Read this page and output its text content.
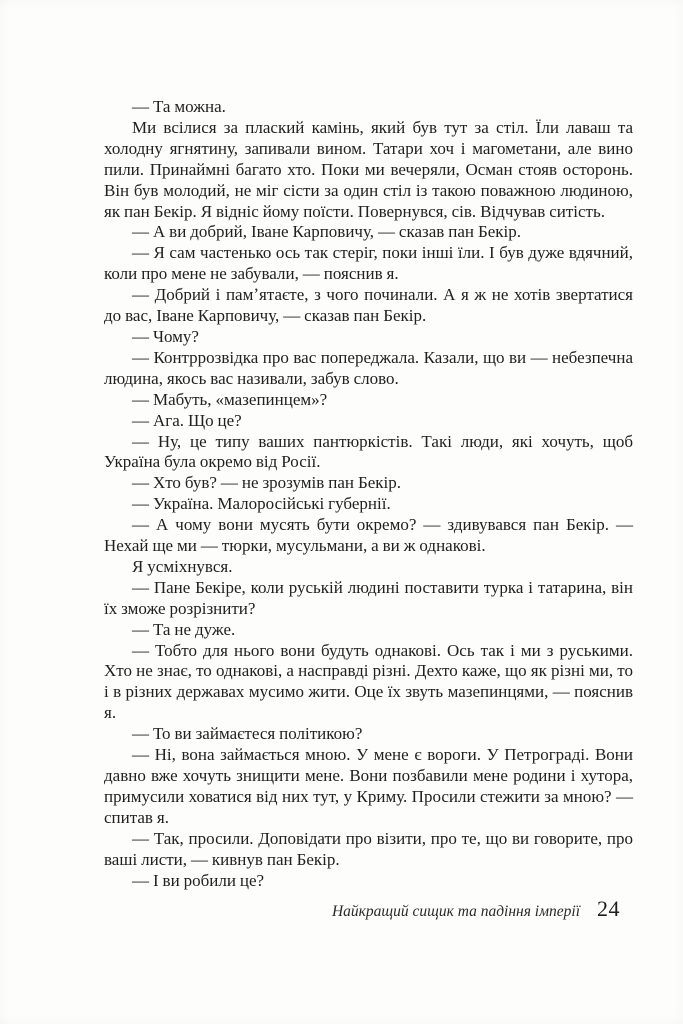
— Та можна.

Ми всілися за плаский камінь, який був тут за стіл. Їли лаваш та холодну ягнятину, запивали вином. Татари хоч і магометани, але вино пили. Принаймні багато хто. Поки ми вечеряли, Осман стояв осторонь. Він був молодий, не міг сісти за один стіл із такою поважною людиною, як пан Бекір. Я відніс йому поїсти. Повернувся, сів. Відчував ситість.

— А ви добрий, Іване Карповичу, — сказав пан Бекір.

— Я сам частенько ось так стеріг, поки інші їли. І був дуже вдячний, коли про мене не забували, — пояснив я.

— Добрий і памʼятаєте, з чого починали. А я ж не хотів звертатися до вас, Іване Карповичу, — сказав пан Бекір.

— Чому?

— Контррозвідка про вас попереджала. Казали, що ви — небезпечна людина, якось вас називали, забув слово.

— Мабуть, «мазепинцем»?

— Ага. Що це?

— Ну, це типу ваших пантюркістів. Такі люди, які хочуть, щоб Україна була окремо від Росії.

— Хто був? — не зрозумів пан Бекір.

— Україна. Малоросійські губернії.

— А чому вони мусять бути окремо? — здивувався пан Бекір. — Нехай ще ми — тюрки, мусульмани, а ви ж однакові.

Я усміхнувся.

— Пане Бекіре, коли руській людині поставити турка і татарина, він їх зможе розрізнити?

— Та не дуже.

— Тобто для нього вони будуть однакові. Ось так і ми з руськими. Хто не знає, то однакові, а насправді різні. Дехто каже, що як різні ми, то і в різних державах мусимо жити. Оце їх звуть мазепинцями, — пояснив я.

— То ви займаєтеся політикою?

— Ні, вона займається мною. У мене є вороги. У Петрограді. Вони давно вже хочуть знищити мене. Вони позбавили мене родини і хутора, примусили ховатися від них тут, у Криму. Просили стежити за мною? — спитав я.

— Так, просили. Доповідати про візити, про те, що ви говорите, про ваші листи, — кивнув пан Бекір.

— І ви робили це?

Найкращий сищик та падіння імперії 24
